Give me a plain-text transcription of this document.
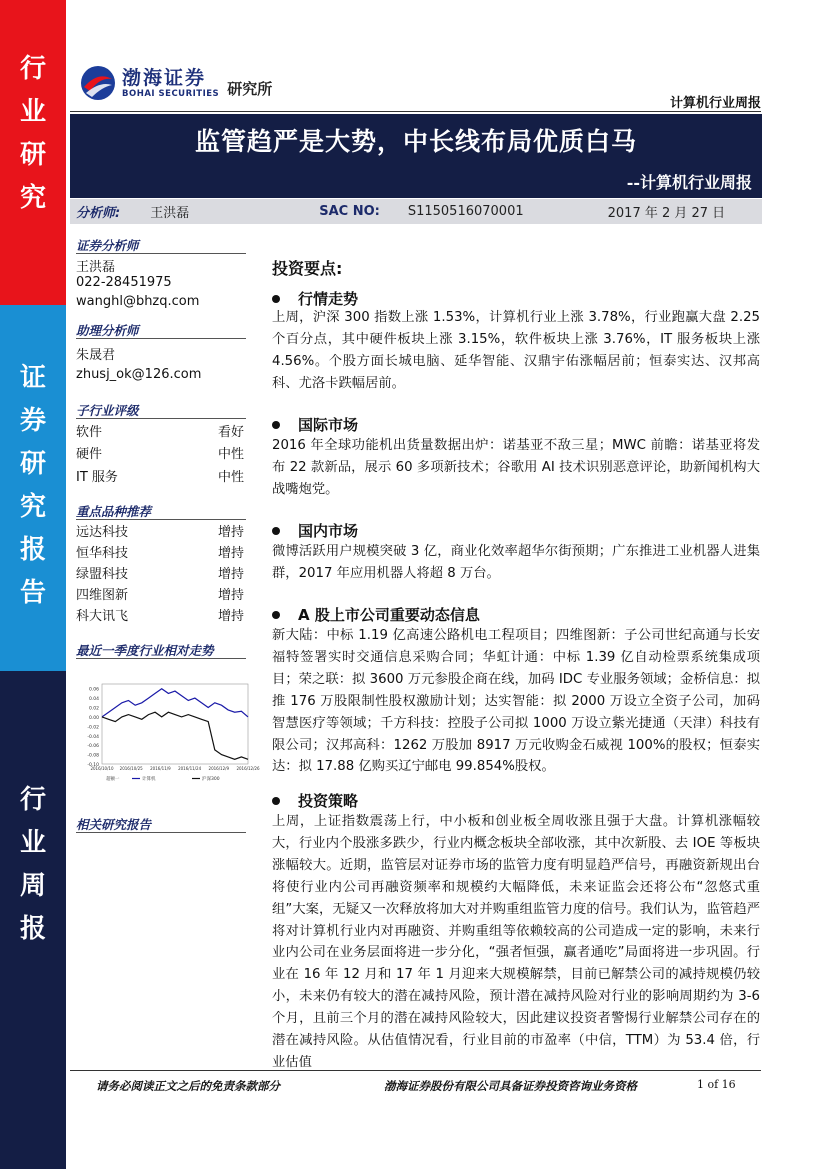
行
业
研
究
证
券
研
究
报
告
行
业
周
报
渤海证券
BOHAI SECURITIES 研究所
计算机行业周报
监管趋严是大势，中长线布局优质白马
--计算机行业周报
分析师: 王洪磊	SAC NO: S1150516070001	2017 年 2 月 27 日
证券分析师
王洪磊
022-28451975
wanghl@bhzq.com
助理分析师
朱晟君
zhusj_ok@126.com
子行业评级
软件	看好
硬件	中性
IT 服务	中性
重点品种推荐
远达科技	增持
恒华科技	增持
绿盟科技	增持
四维图新	增持
科大讯飞	增持
最近一季度行业相对走势
0.06
0.04
0.02
0.00
-0.02
-0.04
-0.06
-0.08
-0.10
2016/10/10 2016/10/25 2016/11/9 2016/11/24 2016/12/9 2016/12/26
超额一	计算机	沪深300
相关研究报告
投资要点:
行情走势
上周，沪深 300 指数上涨 1.53%，计算机行业上涨 3.78%，行业跑赢大盘 2.25 个百分点，其中硬件板块上涨 3.15%，软件板块上涨 3.76%，IT 服务板块上涨 4.56%。个股方面长城电脑、延华智能、汉鼎宇佑涨幅居前；恒泰实达、汉邦高科、尤洛卡跌幅居前。
国际市场
2016 年全球功能机出货量数据出炉：诺基亚不敌三星；MWC 前瞻：诺基亚将发布 22 款新品，展示 60 多项新技术；谷歌用 AI 技术识别恶意评论，助新闻机构大战嘴炮党。
国内市场
微博活跃用户规模突破 3 亿，商业化效率超华尔街预期；广东推进工业机器人进集群，2017 年应用机器人将超 8 万台。
A 股上市公司重要动态信息
新大陆：中标 1.19 亿高速公路机电工程项目；四维图新：子公司世纪高通与长安福特签署实时交通信息采购合同；华虹计通：中标 1.39 亿自动检票系统集成项目；荣之联：拟 3600 万元参股企商在线，加码 IDC 专业服务领域；金桥信息：拟推 176 万股限制性股权激励计划；达实智能：拟 2000 万设立全资子公司，加码智慧医疗等领域；千方科技：控股子公司拟 1000 万设立紫光捷通（天津）科技有限公司；汉邦高科：1262 万股加 8917 万元收购金石威视 100%的股权；恒泰实达：拟 17.88 亿购买辽宁邮电 99.854%股权。
投资策略
上周，上证指数震荡上行，中小板和创业板全周收涨且强于大盘。计算机涨幅较大，行业内个股涨多跌少，行业内概念板块全部收涨，其中次新股、去 IOE 等板块涨幅较大。近期，监管层对证券市场的监管力度有明显趋严信号，再融资新规出台将使行业内公司再融资频率和规模约大幅降低，未来证监会还将公布“忽悠式重组”大案，无疑又一次释放将加大对并购重组监管力度的信号。我们认为，监管趋严将对计算机行业内对再融资、并购重组等依赖较高的公司造成一定的影响，未来行业内公司在业务层面将进一步分化，“强者恒强，赢者通吃”局面将进一步巩固。行业在 16 年 12 月和 17 年 1 月迎来大规模解禁，目前已解禁公司的减持规模仍较小，未来仍有较大的潜在减持风险，预计潜在减持风险对行业的影响周期约为 3-6 个月，且前三个月的潜在减持风险较大，因此建议投资者警惕行业解禁公司存在的潜在减持风险。从估值情况看，行业目前的市盈率（中信，TTM）为 53.4 倍，行业估值
请务必阅读正文之后的免责条款部分	渤海证券股份有限公司具备证券投资咨询业务资格	1 of 16
